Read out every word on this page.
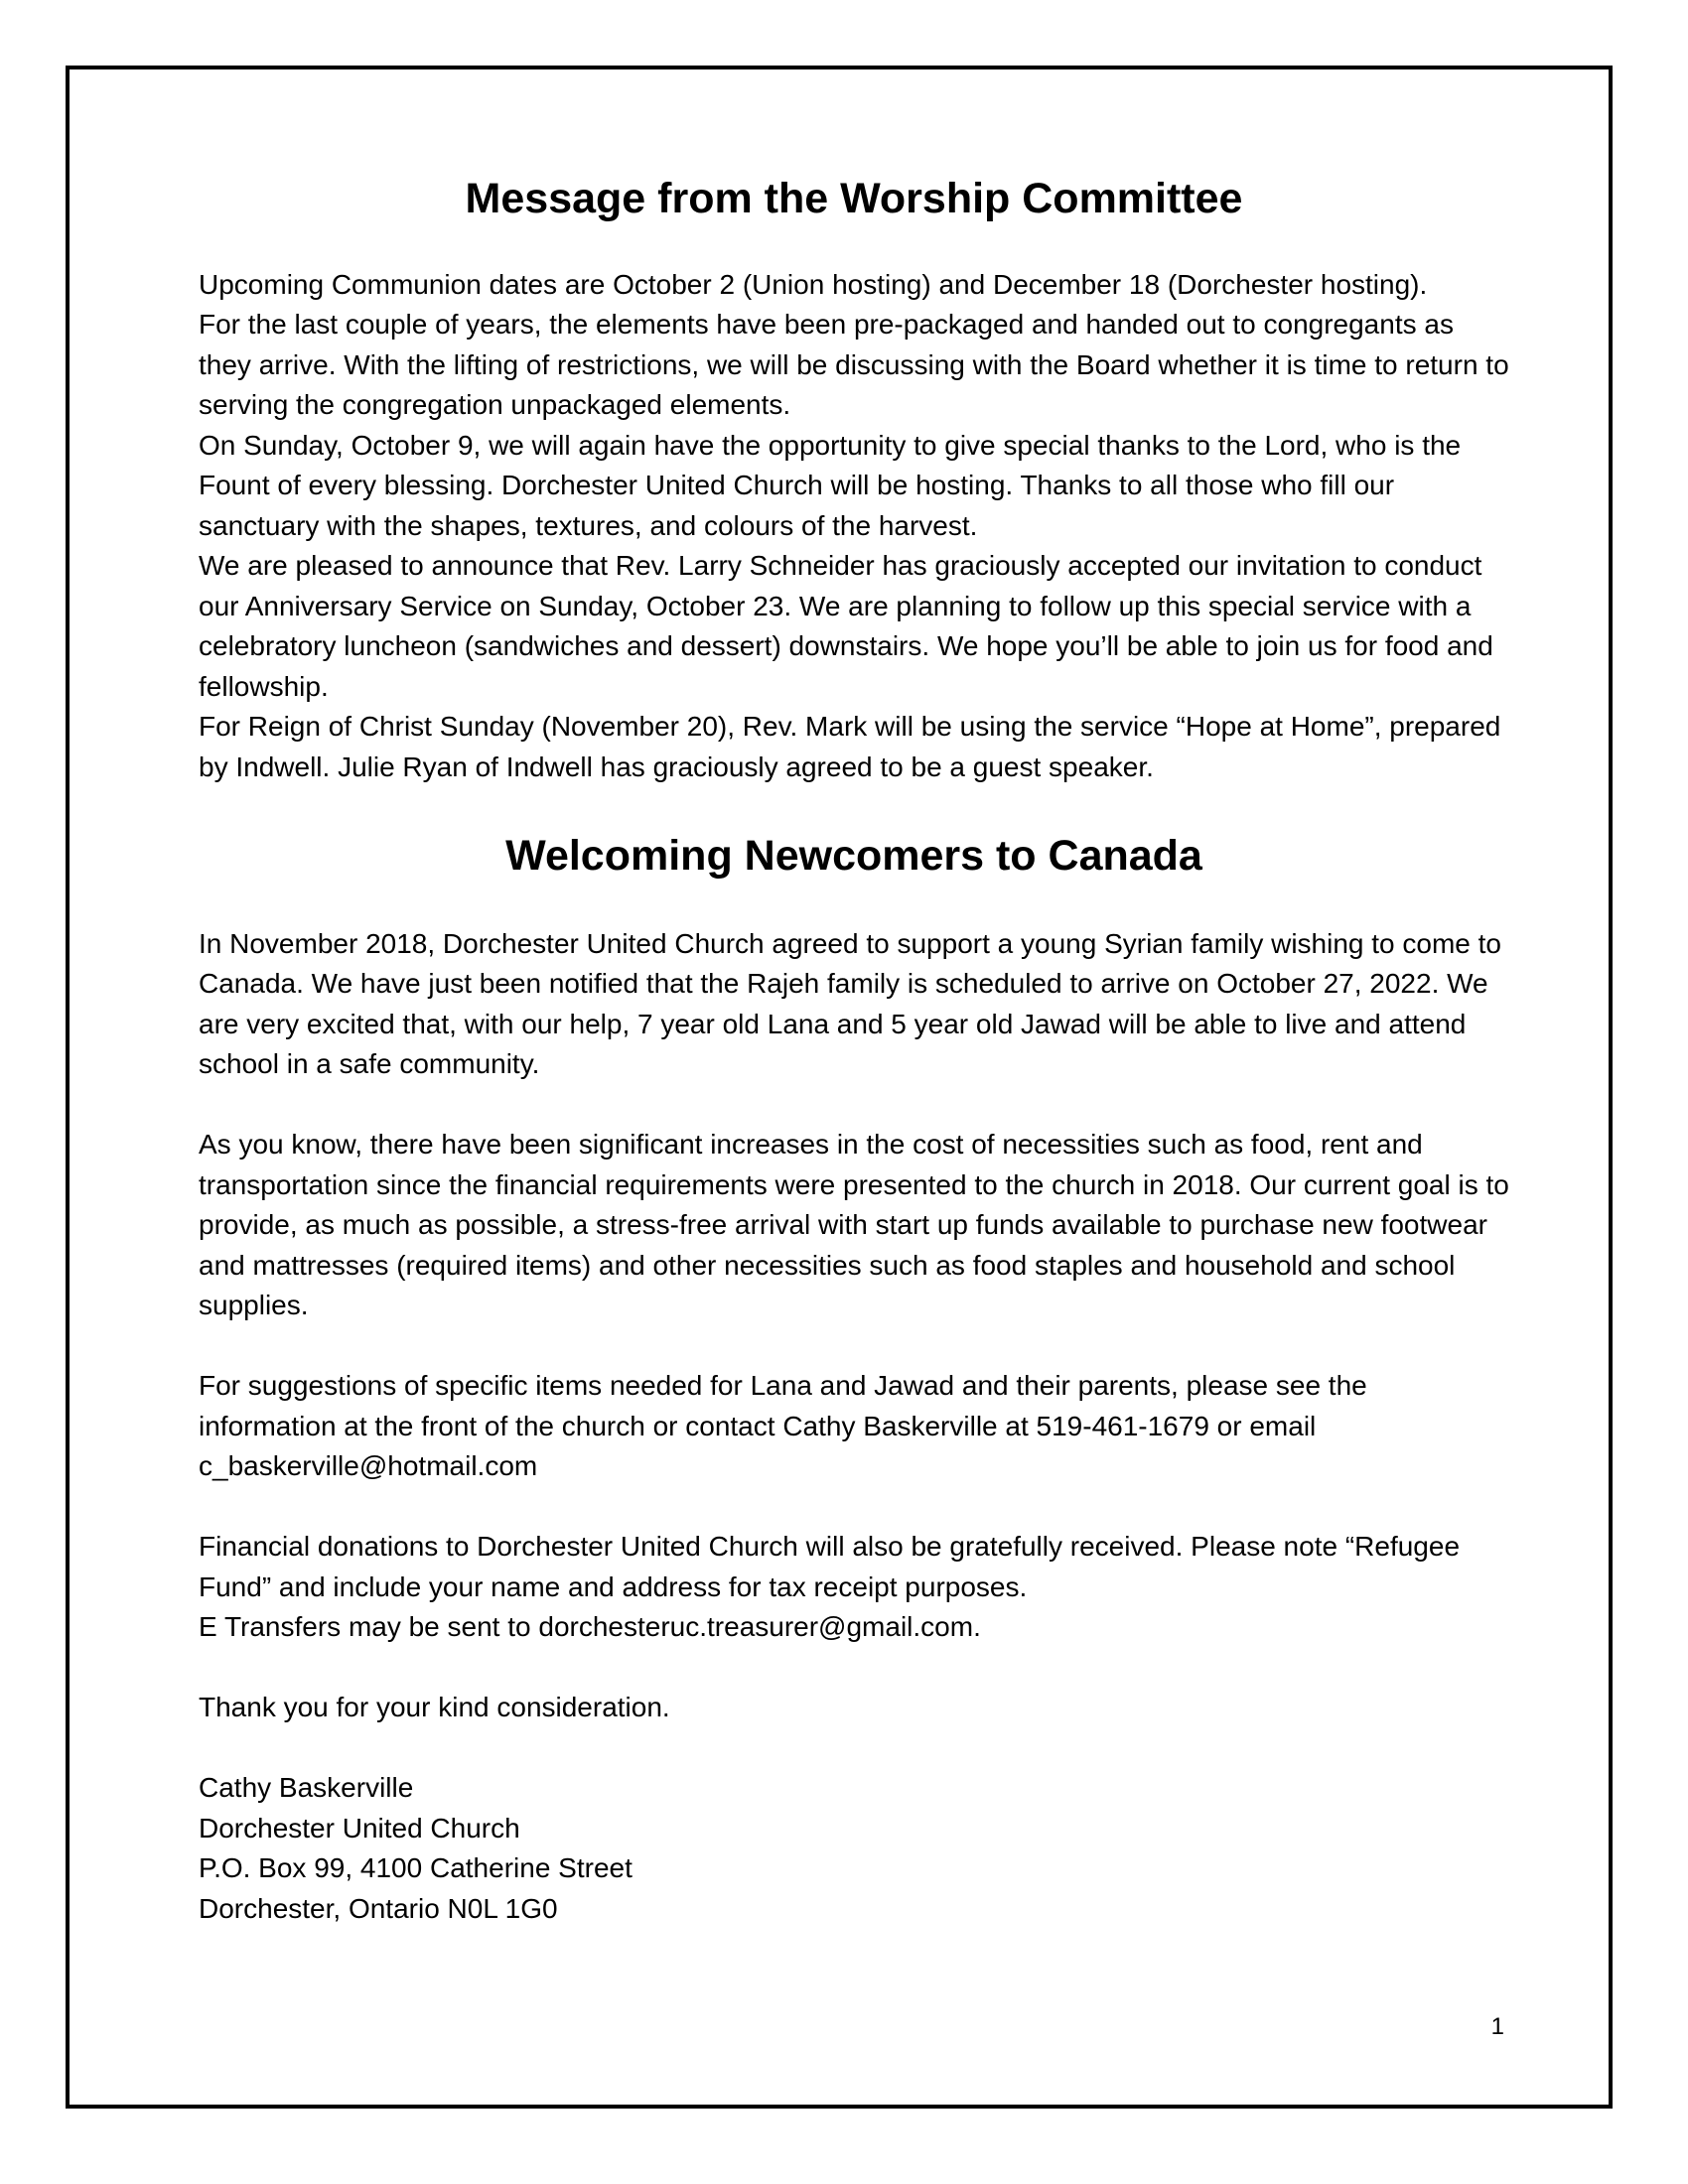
Message from the Worship Committee

Upcoming Communion dates are October 2 (Union hosting) and December 18 (Dorchester hosting).

For the last couple of years, the elements have been pre-packaged and handed out to congregants as they arrive. With the lifting of restrictions, we will be discussing with the Board whether it is time to return to serving the congregation unpackaged elements.

On Sunday, October 9, we will again have the opportunity to give special thanks to the Lord, who is the Fount of every blessing. Dorchester United Church will be hosting. Thanks to all those who fill our sanctuary with the shapes, textures, and colours of the harvest.

We are pleased to announce that Rev. Larry Schneider has graciously accepted our invitation to conduct our Anniversary Service on Sunday, October 23. We are planning to follow up this special service with a celebratory luncheon (sandwiches and dessert) downstairs. We hope you’ll be able to join us for food and fellowship.

For Reign of Christ Sunday (November 20), Rev. Mark will be using the service “Hope at Home”, prepared by Indwell. Julie Ryan of Indwell has graciously agreed to be a guest speaker.

Welcoming Newcomers to Canada

In November 2018, Dorchester United Church agreed to support a young Syrian family wishing to come to Canada. We have just been notified that the Rajeh family is scheduled to arrive on October 27, 2022. We are very excited that, with our help, 7 year old Lana and 5 year old Jawad will be able to live and attend school in a safe community.

As you know, there have been significant increases in the cost of necessities such as food, rent and transportation since the financial requirements were presented to the church in 2018. Our current goal is to provide, as much as possible, a stress-free arrival with start up funds available to purchase new footwear and mattresses (required items) and other necessities such as food staples and household and school supplies.

For suggestions of specific items needed for Lana and Jawad and their parents, please see the information at the front of the church or contact Cathy Baskerville at 519-461-1679 or email c_baskerville@hotmail.com

Financial donations to Dorchester United Church will also be gratefully received. Please note “Refugee Fund” and include your name and address for tax receipt purposes.

E Transfers may be sent to dorchesteruc.treasurer@gmail.com.

Thank you for your kind consideration.

Cathy Baskerville

Dorchester United Church

P.O. Box 99, 4100 Catherine Street

Dorchester, Ontario N0L 1G0

1
